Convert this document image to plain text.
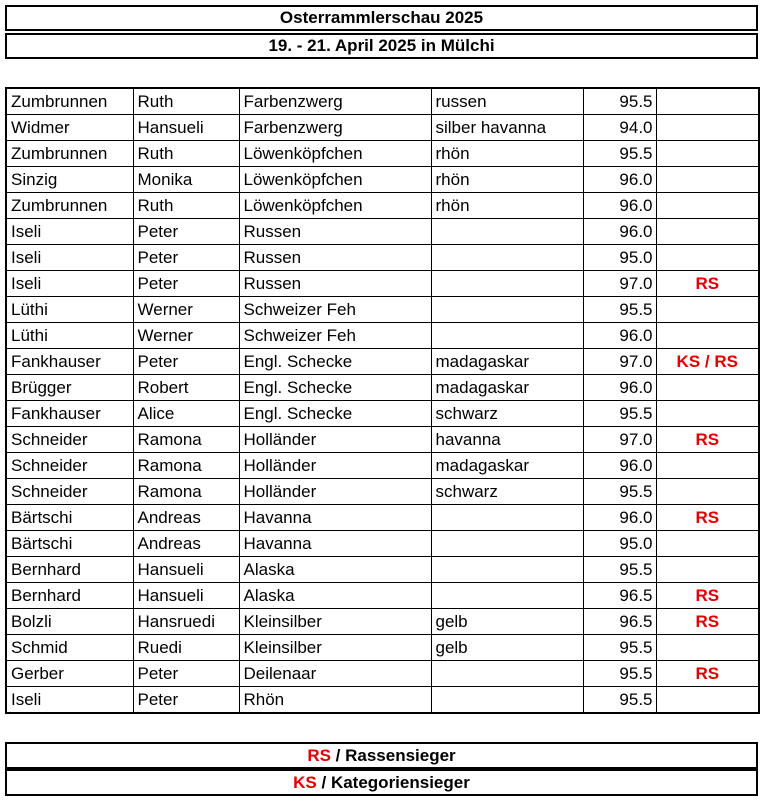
Osterrammlerschau 2025
19. - 21. April 2025 in Mülchi
Zumbrunnen	Ruth	Farbenzwerg	russen	95.5	
Widmer	Hansueli	Farbenzwerg	silber havanna	94.0	
Zumbrunnen	Ruth	Löwenköpfchen	rhön	95.5	
Sinzig	Monika	Löwenköpfchen	rhön	96.0	
Zumbrunnen	Ruth	Löwenköpfchen	rhön	96.0	
Iseli	Peter	Russen		96.0	
Iseli	Peter	Russen		95.0	
Iseli	Peter	Russen		97.0	RS
Lüthi	Werner	Schweizer Feh		95.5	
Lüthi	Werner	Schweizer Feh		96.0	
Fankhauser	Peter	Engl. Schecke	madagaskar	97.0	KS / RS
Brügger	Robert	Engl. Schecke	madagaskar	96.0	
Fankhauser	Alice	Engl. Schecke	schwarz	95.5	
Schneider	Ramona	Holländer	havanna	97.0	RS
Schneider	Ramona	Holländer	madagaskar	96.0	
Schneider	Ramona	Holländer	schwarz	95.5	
Bärtschi	Andreas	Havanna		96.0	RS
Bärtschi	Andreas	Havanna		95.0	
Bernhard	Hansueli	Alaska		95.5	
Bernhard	Hansueli	Alaska		96.5	RS
Bolzli	Hansruedi	Kleinsilber	gelb	96.5	RS
Schmid	Ruedi	Kleinsilber	gelb	95.5	
Gerber	Peter	Deilenaar		95.5	RS
Iseli	Peter	Rhön		95.5	
RS / Rassensieger
KS / Kategoriensieger
